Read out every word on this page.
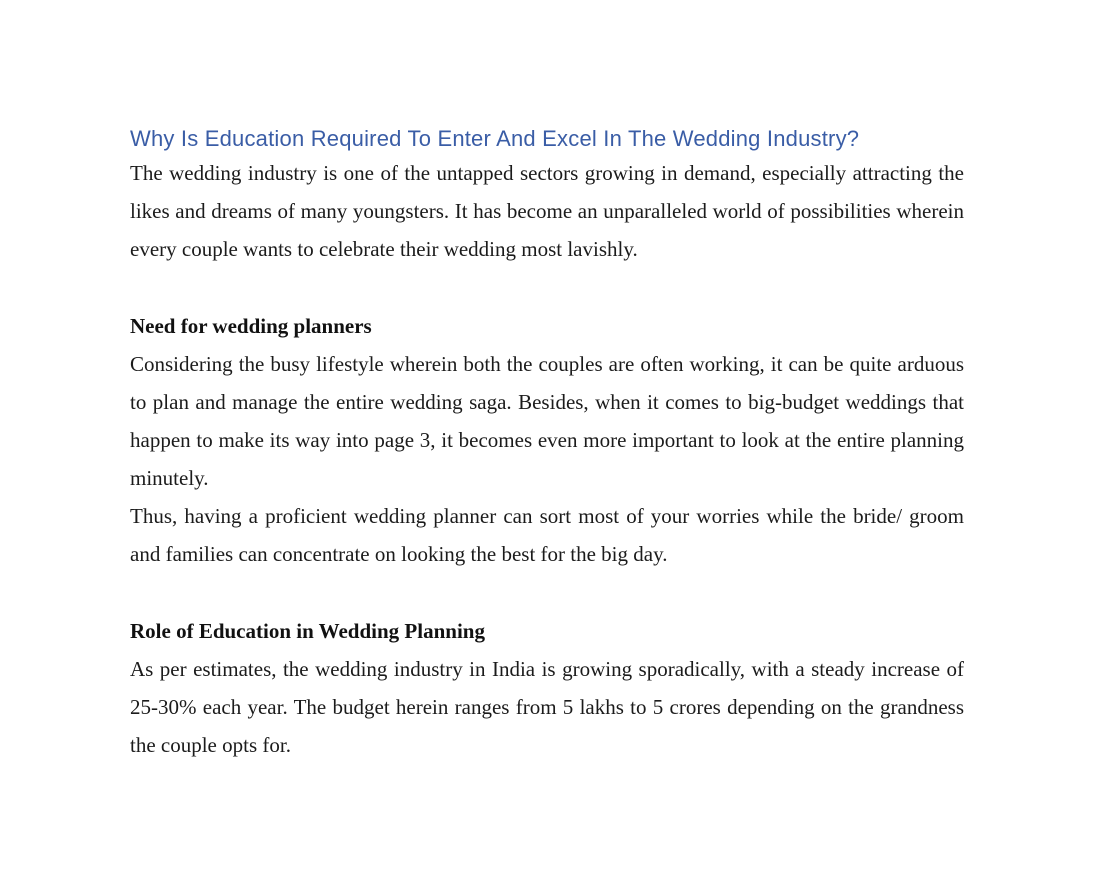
Why Is Education Required To Enter And Excel In The Wedding Industry?

The wedding industry is one of the untapped sectors growing in demand, especially attracting the likes and dreams of many youngsters. It has become an unparalleled world of possibilities wherein every couple wants to celebrate their wedding most lavishly.

Need for wedding planners

Considering the busy lifestyle wherein both the couples are often working, it can be quite arduous to plan and manage the entire wedding saga. Besides, when it comes to big-budget weddings that happen to make its way into page 3, it becomes even more important to look at the entire planning minutely.

Thus, having a proficient wedding planner can sort most of your worries while the bride/ groom and families can concentrate on looking the best for the big day.

Role of Education in Wedding Planning

As per estimates, the wedding industry in India is growing sporadically, with a steady increase of 25-30% each year. The budget herein ranges from 5 lakhs to 5 crores depending on the grandness the couple opts for.
